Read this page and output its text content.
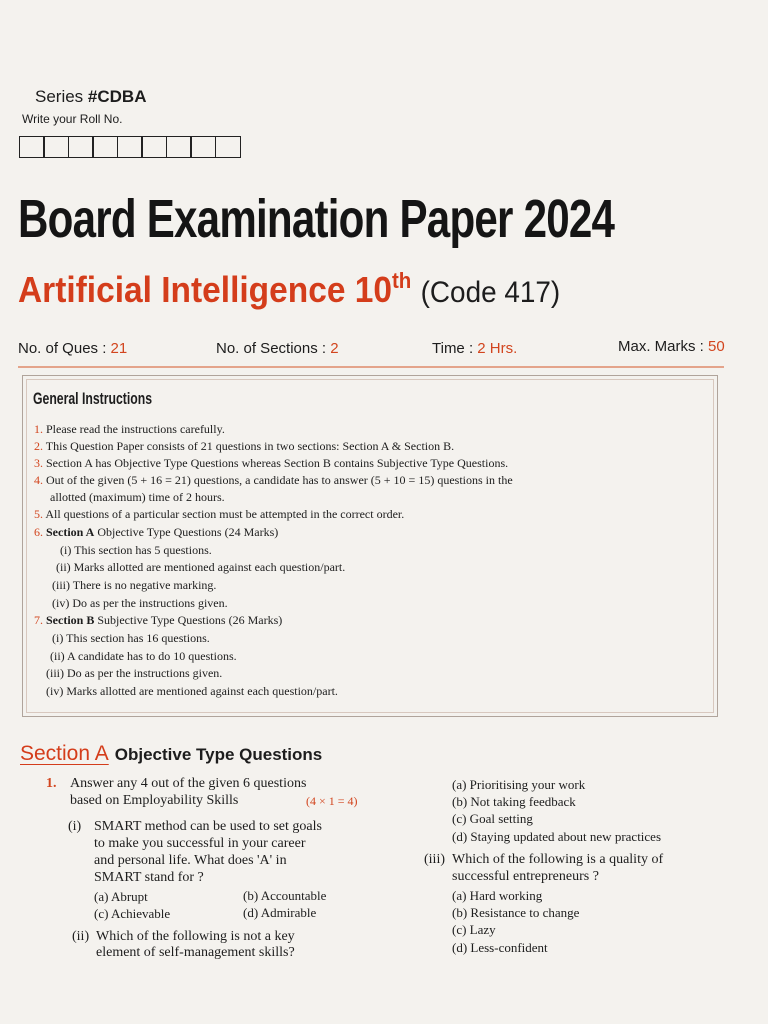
Series #CDBA
Write your Roll No.
Board Examination Paper 2024
Artificial Intelligence 10th (Code 417)
No. of Ques : 21	No. of Sections : 2	Time : 2 Hrs.	Max. Marks : 50
General Instructions
1. Please read the instructions carefully.
2. This Question Paper consists of 21 questions in two sections: Section A & Section B.
3. Section A has Objective Type Questions whereas Section B contains Subjective Type Questions.
4. Out of the given (5 + 16 = 21) questions, a candidate has to answer (5 + 10 = 15) questions in the
allotted (maximum) time of 2 hours.
5. All questions of a particular section must be attempted in the correct order.
6. Section A Objective Type Questions (24 Marks)
(i) This section has 5 questions.
(ii) Marks allotted are mentioned against each question/part.
(iii) There is no negative marking.
(iv) Do as per the instructions given.
7. Section B Subjective Type Questions (26 Marks)
(i) This section has 16 questions.
(ii) A candidate has to do 10 questions.
(iii) Do as per the instructions given.
(iv) Marks allotted are mentioned against each question/part.
Section A Objective Type Questions
1. Answer any 4 out of the given 6 questions
based on Employability Skills	(4 × 1 = 4)
(i) SMART method can be used to set goals
to make you successful in your career
and personal life. What does 'A' in
SMART stand for ?
(a) Abrupt	(b) Accountable
(c) Achievable	(d) Admirable
(ii) Which of the following is not a key
element of self-management skills?
(a) Prioritising your work
(b) Not taking feedback
(c) Goal setting
(d) Staying updated about new practices
(iii) Which of the following is a quality of
successful entrepreneurs ?
(a) Hard working
(b) Resistance to change
(c) Lazy
(d) Less-confident
